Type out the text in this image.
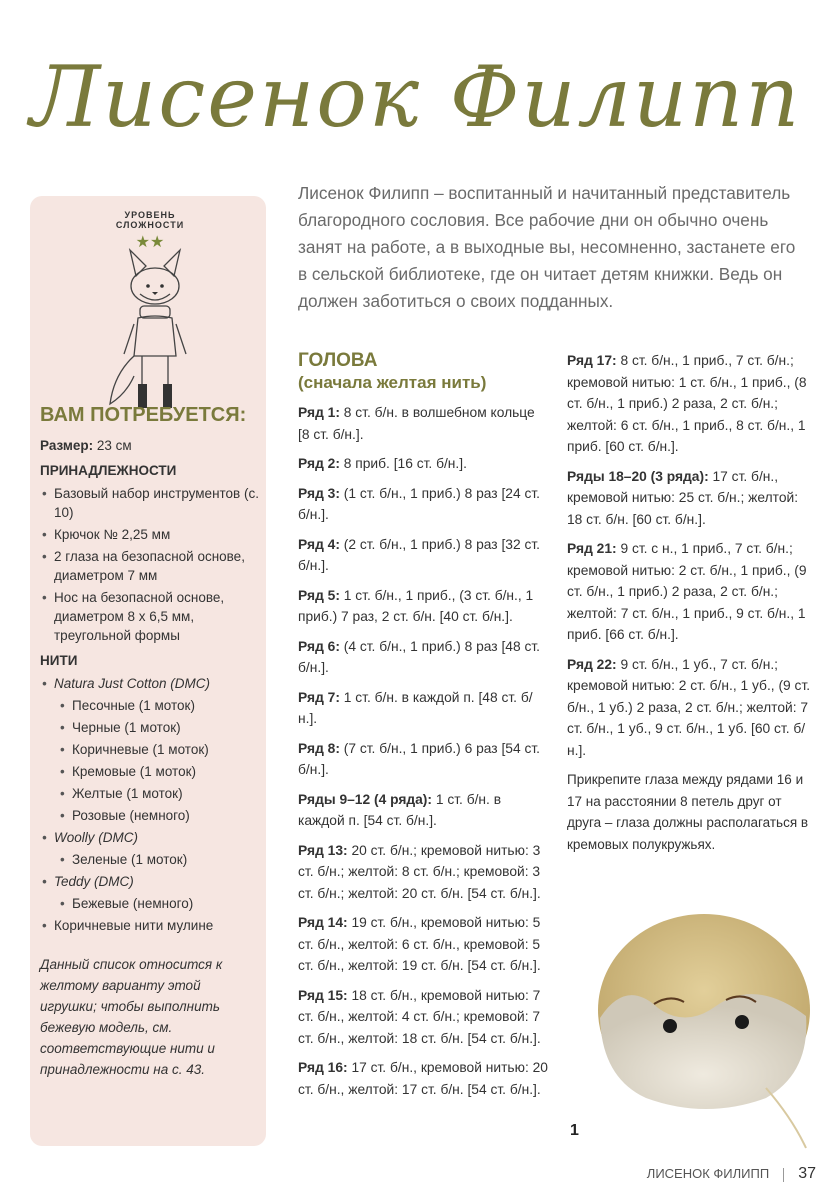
Лисенок Филипп
УРОВЕНЬ СЛОЖНОСТИ
★★
ВАМ ПОТРЕБУЕТСЯ:
Размер: 23 см
ПРИНАДЛЕЖНОСТИ
• Базовый набор инструментов (с. 10)
• Крючок № 2,25 мм
• 2 глаза на безопасной основе, диаметром 7 мм
• Нос на безопасной основе, диаметром 8 x 6,5 мм, треугольной формы
НИТИ
• Natura Just Cotton (DMC)
• Песочные (1 моток)
• Черные (1 моток)
• Коричневые (1 моток)
• Кремовые (1 моток)
• Желтые (1 моток)
• Розовые (немного)
• Woolly (DMC)
• Зеленые (1 моток)
• Teddy (DMC)
• Бежевые (немного)
• Коричневые нити мулине
Данный список относится к желтому варианту этой игрушки; чтобы выполнить бежевую модель, см. соответствующие нити и принадлежности на с. 43.
Лисенок Филипп – воспитанный и начитанный представитель благородного сословия. Все рабочие дни он обычно очень занят на работе, а в выходные вы, несомненно, застанете его в сельской библиотеке, где он читает детям книжки. Ведь он должен заботиться о своих подданных.
ГОЛОВА
(сначала желтая нить)
Ряд 1: 8 ст. б/н. в волшебном кольце [8 ст. б/н.].
Ряд 2: 8 приб. [16 ст. б/н.].
Ряд 3: (1 ст. б/н., 1 приб.) 8 раз [24 ст. б/н.].
Ряд 4: (2 ст. б/н., 1 приб.) 8 раз [32 ст. б/н.].
Ряд 5: 1 ст. б/н., 1 приб., (3 ст. б/н., 1 приб.) 7 раз, 2 ст. б/н. [40 ст. б/н.].
Ряд 6: (4 ст. б/н., 1 приб.) 8 раз [48 ст. б/н.].
Ряд 7: 1 ст. б/н. в каждой п. [48 ст. б/н.].
Ряд 8: (7 ст. б/н., 1 приб.) 6 раз [54 ст. б/н.].
Ряды 9–12 (4 ряда): 1 ст. б/н. в каждой п. [54 ст. б/н.].
Ряд 13: 20 ст. б/н.; кремовой нитью: 3 ст. б/н.; желтой: 8 ст. б/н.; кремовой: 3 ст. б/н.; желтой: 20 ст. б/н. [54 ст. б/н.].
Ряд 14: 19 ст. б/н., кремовой нитью: 5 ст. б/н., желтой: 6 ст. б/н., кремовой: 5 ст. б/н., желтой: 19 ст. б/н. [54 ст. б/н.].
Ряд 15: 18 ст. б/н., кремовой нитью: 7 ст. б/н., желтой: 4 ст. б/н.; кремовой: 7 ст. б/н., желтой: 18 ст. б/н. [54 ст. б/н.].
Ряд 16: 17 ст. б/н., кремовой нитью: 20 ст. б/н., желтой: 17 ст. б/н. [54 ст. б/н.].
Ряд 17: 8 ст. б/н., 1 приб., 7 ст. б/н.; кремовой нитью: 1 ст. б/н., 1 приб., (8 ст. б/н., 1 приб.) 2 раза, 2 ст. б/н.; желтой: 6 ст. б/н., 1 приб., 8 ст. б/н., 1 приб. [60 ст. б/н.].
Ряды 18–20 (3 ряда): 17 ст. б/н., кремовой нитью: 25 ст. б/н.; желтой: 18 ст. б/н. [60 ст. б/н.].
Ряд 21: 9 ст. с н., 1 приб., 7 ст. б/н.; кремовой нитью: 2 ст. б/н., 1 приб., (9 ст. б/н., 1 приб.) 2 раза, 2 ст. б/н.; желтой: 7 ст. б/н., 1 приб., 9 ст. б/н., 1 приб. [66 ст. б/н.].
Ряд 22: 9 ст. б/н., 1 уб., 7 ст. б/н.; кремовой нитью: 2 ст. б/н., 1 уб., (9 ст. б/н., 1 уб.) 2 раза, 2 ст. б/н.; желтой: 7 ст. б/н., 1 уб., 9 ст. б/н., 1 уб. [60 ст. б/н.].
Прикрепите глаза между рядами 16 и 17 на расстоянии 8 петель друг от друга – глаза должны располагаться в кремовых полукружьях.
1
ЛИСЕНОК ФИЛИПП 37
